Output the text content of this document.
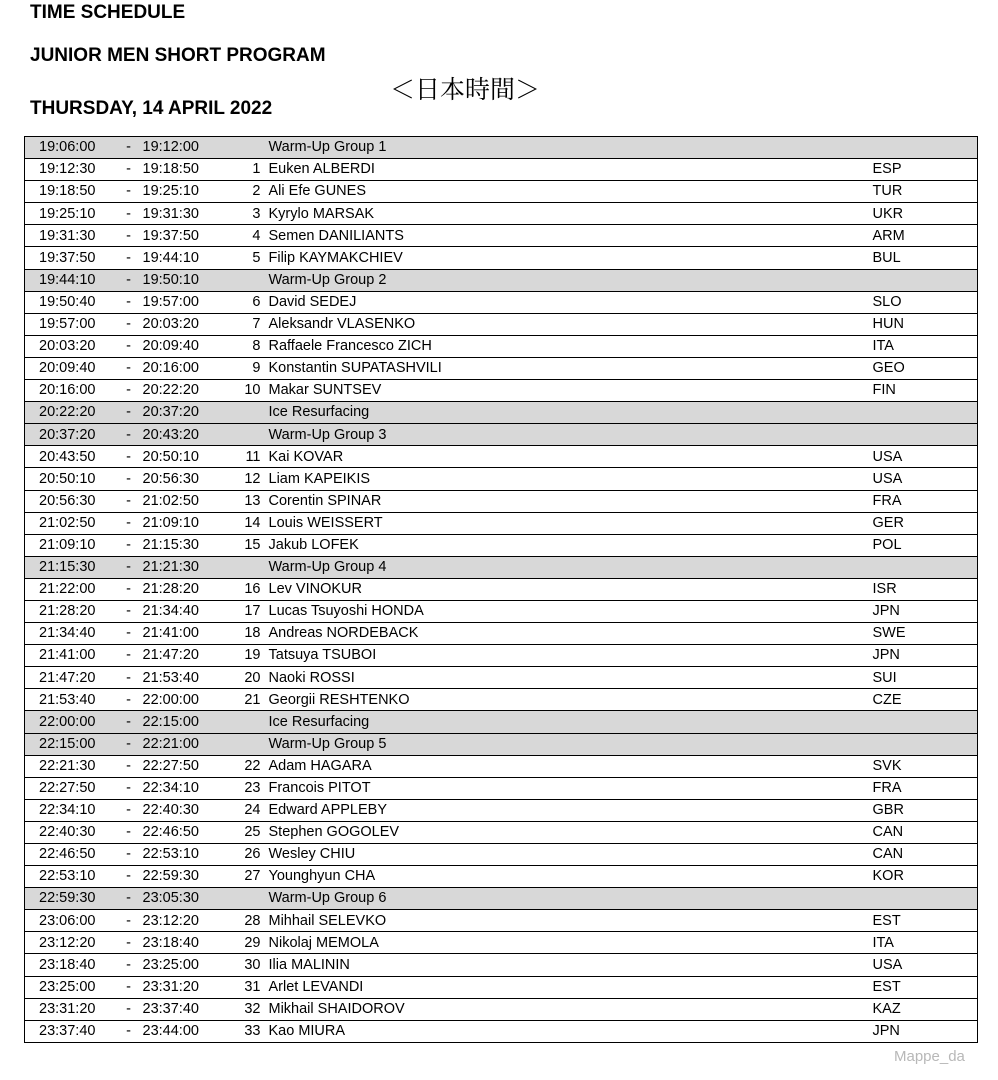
TIME SCHEDULE

JUNIOR MEN SHORT PROGRAM

THURSDAY, 14 APRIL 2022

＜日本時間＞
19:06:00	-	19:12:00		Warm-Up Group 1	
19:12:30	-	19:18:50	1	Euken ALBERDI	ESP
19:18:50	-	19:25:10	2	Ali Efe GUNES	TUR
19:25:10	-	19:31:30	3	Kyrylo MARSAK	UKR
19:31:30	-	19:37:50	4	Semen DANILIANTS	ARM
19:37:50	-	19:44:10	5	Filip KAYMAKCHIEV	BUL
19:44:10	-	19:50:10		Warm-Up Group 2	
19:50:40	-	19:57:00	6	David SEDEJ	SLO
19:57:00	-	20:03:20	7	Aleksandr VLASENKO	HUN
20:03:20	-	20:09:40	8	Raffaele Francesco ZICH	ITA
20:09:40	-	20:16:00	9	Konstantin SUPATASHVILI	GEO
20:16:00	-	20:22:20	10	Makar SUNTSEV	FIN
20:22:20	-	20:37:20		Ice Resurfacing	
20:37:20	-	20:43:20		Warm-Up Group 3	
20:43:50	-	20:50:10	11	Kai KOVAR	USA
20:50:10	-	20:56:30	12	Liam KAPEIKIS	USA
20:56:30	-	21:02:50	13	Corentin SPINAR	FRA
21:02:50	-	21:09:10	14	Louis WEISSERT	GER
21:09:10	-	21:15:30	15	Jakub LOFEK	POL
21:15:30	-	21:21:30		Warm-Up Group 4	
21:22:00	-	21:28:20	16	Lev VINOKUR	ISR
21:28:20	-	21:34:40	17	Lucas Tsuyoshi HONDA	JPN
21:34:40	-	21:41:00	18	Andreas NORDEBACK	SWE
21:41:00	-	21:47:20	19	Tatsuya TSUBOI	JPN
21:47:20	-	21:53:40	20	Naoki ROSSI	SUI
21:53:40	-	22:00:00	21	Georgii RESHTENKO	CZE
22:00:00	-	22:15:00		Ice Resurfacing	
22:15:00	-	22:21:00		Warm-Up Group 5	
22:21:30	-	22:27:50	22	Adam HAGARA	SVK
22:27:50	-	22:34:10	23	Francois PITOT	FRA
22:34:10	-	22:40:30	24	Edward APPLEBY	GBR
22:40:30	-	22:46:50	25	Stephen GOGOLEV	CAN
22:46:50	-	22:53:10	26	Wesley CHIU	CAN
22:53:10	-	22:59:30	27	Younghyun CHA	KOR
22:59:30	-	23:05:30		Warm-Up Group 6	
23:06:00	-	23:12:20	28	Mihhail SELEVKO	EST
23:12:20	-	23:18:40	29	Nikolaj MEMOLA	ITA
23:18:40	-	23:25:00	30	Ilia MALININ	USA
23:25:00	-	23:31:20	31	Arlet LEVANDI	EST
23:31:20	-	23:37:40	32	Mikhail SHAIDOROV	KAZ
23:37:40	-	23:44:00	33	Kao MIURA	JPN
Mappe_da
